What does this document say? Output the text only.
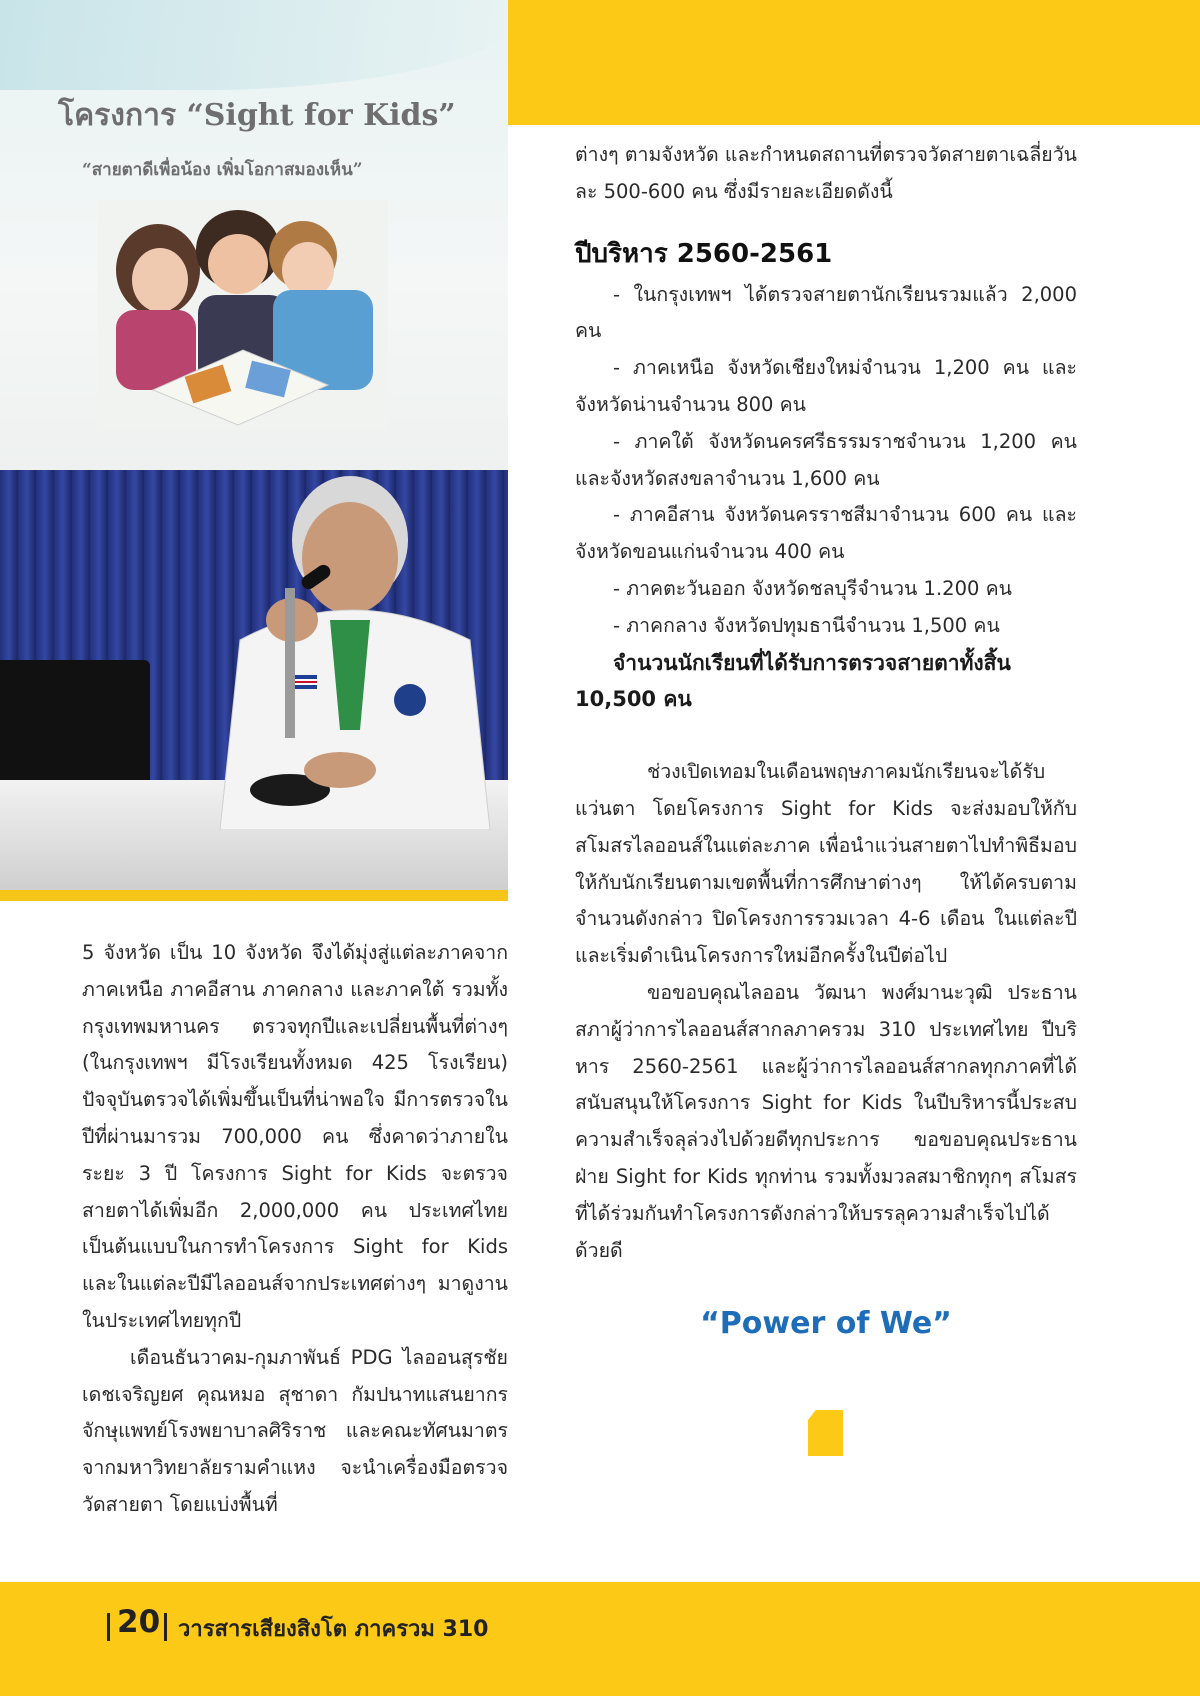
โครงการ “Sight for Kids”
“สายตาดีเพื่อน้อง เพิ่มโอกาสมองเห็น”

ต่างๆ ตามจังหวัด และกำหนดสถานที่ตรวจวัดสายตาเฉลี่ยวันละ 500-600 คน ซึ่งมีรายละเอียดดังนี้

ปีบริหาร 2560-2561

- ในกรุงเทพฯ ได้ตรวจสายตานักเรียนรวมแล้ว 2,000 คน

- ภาคเหนือ จังหวัดเชียงใหม่จำนวน 1,200 คน และจังหวัดน่านจำนวน 800 คน

- ภาคใต้ จังหวัดนครศรีธรรมราชจำนวน 1,200 คน และจังหวัดสงขลาจำนวน 1,600 คน

- ภาคอีสาน จังหวัดนครราชสีมาจำนวน 600 คน และจังหวัดขอนแก่นจำนวน 400 คน

- ภาคตะวันออก จังหวัดชลบุรีจำนวน 1.200 คน

- ภาคกลาง จังหวัดปทุมธานีจำนวน 1,500 คน

จำนวนนักเรียนที่ได้รับการตรวจสายตาทั้งสิ้น 10,500 คน

ช่วงเปิดเทอมในเดือนพฤษภาคมนักเรียนจะได้รับแว่นตา โดยโครงการ Sight for Kids จะส่งมอบให้กับสโมสรไลออนส์ในแต่ละภาค เพื่อนำแว่นสายตาไปทำพิธีมอบให้กับนักเรียนตามเขตพื้นที่การศึกษาต่างๆ ให้ได้ครบตามจำนวนดังกล่าว ปิดโครงการรวมเวลา 4-6 เดือน ในแต่ละปี และเริ่มดำเนินโครงการใหม่อีกครั้งในปีต่อไป

ขอขอบคุณไลออน วัฒนา พงศ์มานะวุฒิ ประธานสภาผู้ว่าการไลออนส์สากลภาครวม 310 ประเทศไทย ปีบริหาร 2560-2561 และผู้ว่าการไลออนส์สากลทุกภาคที่ได้สนับสนุนให้โครงการ Sight for Kids ในปีบริหารนี้ประสบความสำเร็จลุล่วงไปด้วยดีทุกประการ ขอขอบคุณประธานฝ่าย Sight for Kids ทุกท่าน รวมทั้งมวลสมาชิกทุกๆ สโมสรที่ได้ร่วมกันทำโครงการดังกล่าวให้บรรลุความสำเร็จไปได้ด้วยดี

“Power of We”

5 จังหวัด เป็น 10 จังหวัด จึงได้มุ่งสู่แต่ละภาคจากภาคเหนือ ภาคอีสาน ภาคกลาง และภาคใต้ รวมทั้งกรุงเทพมหานคร ตรวจทุกปีและเปลี่ยนพื้นที่ต่างๆ (ในกรุงเทพฯ มีโรงเรียนทั้งหมด 425 โรงเรียน) ปัจจุบันตรวจได้เพิ่มขึ้นเป็นที่น่าพอใจ มีการตรวจในปีที่ผ่านมารวม 700,000 คน ซึ่งคาดว่าภายในระยะ 3 ปี โครงการ Sight for Kids จะตรวจสายตาได้เพิ่มอีก 2,000,000 คน ประเทศไทยเป็นต้นแบบในการทำโครงการ Sight for Kids และในแต่ละปีมีไลออนส์จากประเทศต่างๆ มาดูงานในประเทศไทยทุกปี

เดือนธันวาคม-กุมภาพันธ์ PDG ไลออนสุรชัย เดชเจริญยศ คุณหมอ สุชาดา กัมปนาทแสนยากร จักษุแพทย์โรงพยาบาลศิริราช และคณะทัศนมาตร จากมหาวิทยาลัยรามคำแหง จะนำเครื่องมือตรวจวัดสายตา โดยแบ่งพื้นที่

20 วารสารเสียงสิงโต ภาครวม 310
